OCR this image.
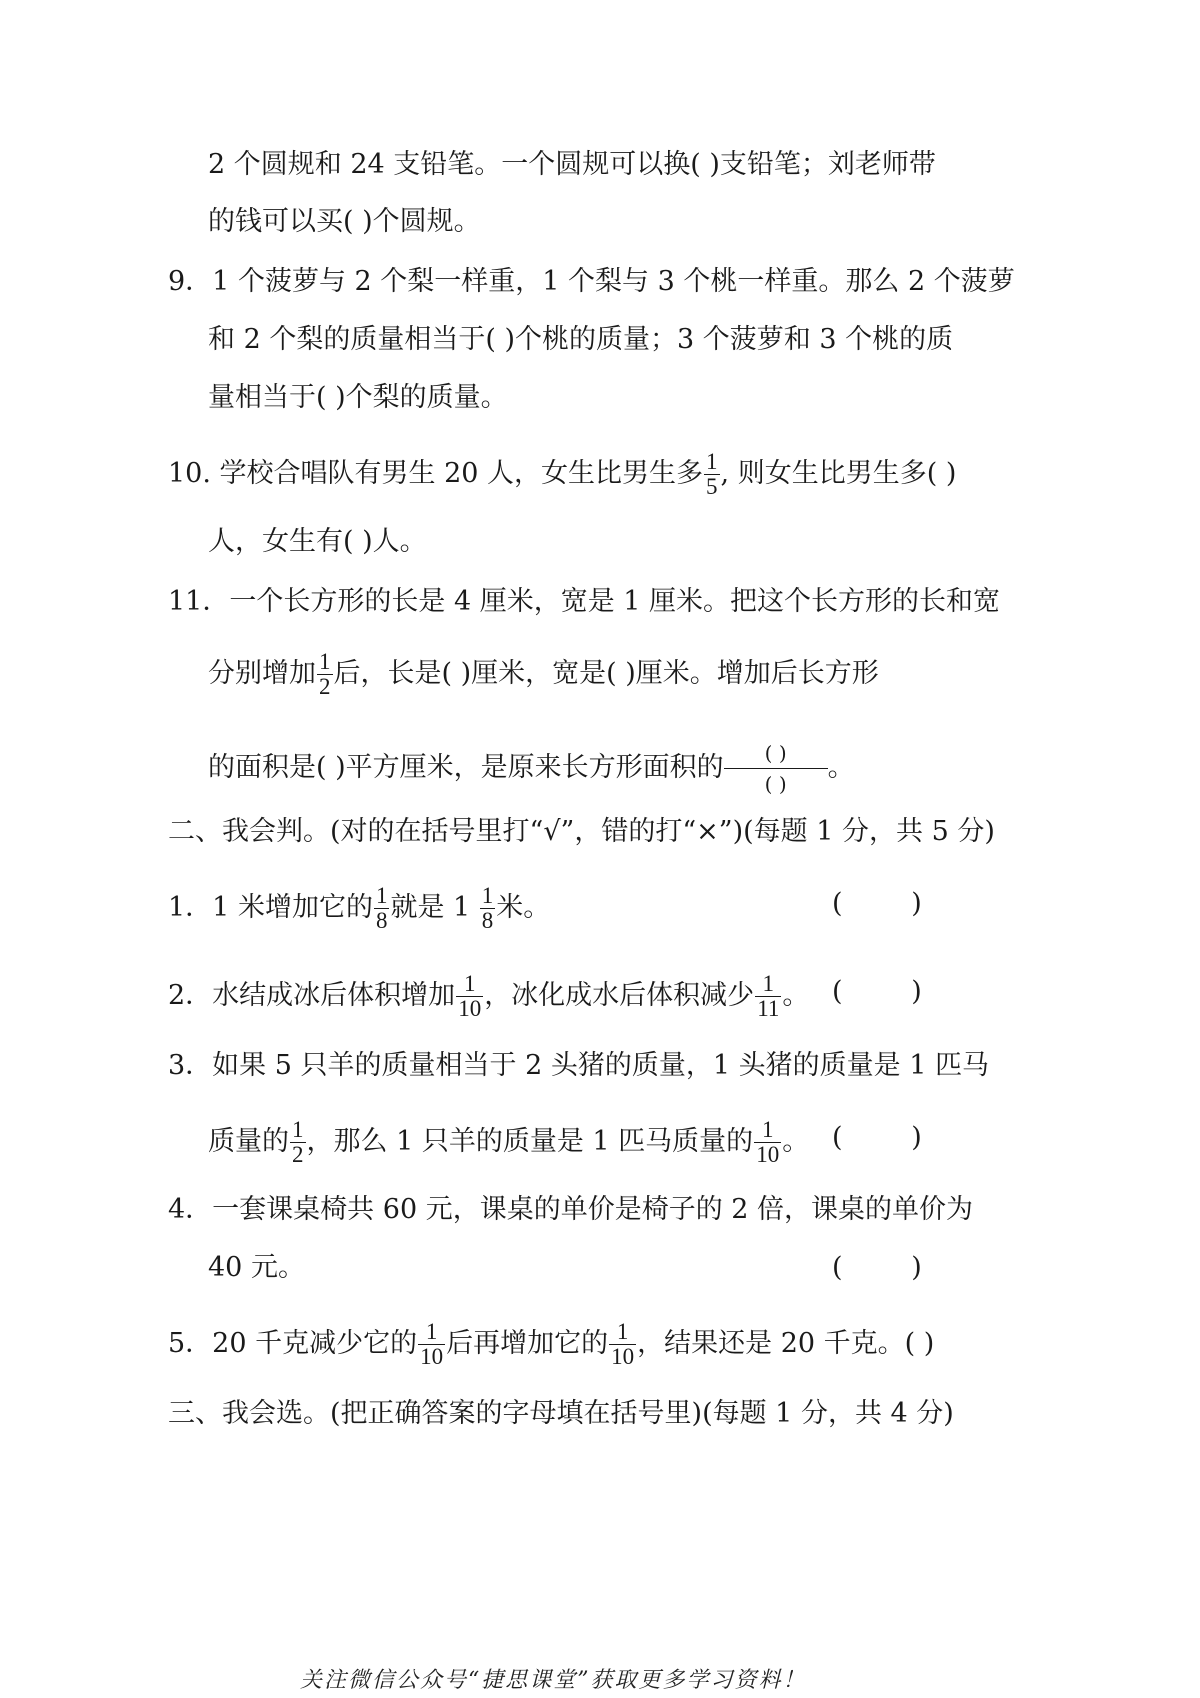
2 个圆规和 24 支铅笔。一个圆规可以换( )支铅笔；刘老师带
的钱可以买( )个圆规。
9．1 个菠萝与 2 个梨一样重，1 个梨与 3 个桃一样重。那么 2 个菠萝
和 2 个梨的质量相当于( )个桃的质量；3 个菠萝和 3 个桃的质
量相当于( )个梨的质量。
10. 学校合唱队有男生 20 人，女生比男生多 $\frac{1}{5}$ , 则女生比男生多( )
人，女生有( )人。
11．一个长方形的长是 4 厘米，宽是 1 厘米。把这个长方形的长和宽
分别增加 $\frac{1}{2}$ 后，长是( )厘米，宽是( )厘米。增加后长方形
的面积是( )平方厘米，是原来长方形面积的 $\frac{( )}{( )}$ 。
二、我会判。(对的在括号里打“√”，错的打“×”)(每题 1 分，共 5 分)
1．1 米增加它的 $\frac{1}{8}$ 就是 $1 \frac{1}{8}$ 米。	(        )
2．水结成冰后体积增加 $\frac{1}{10}$ ，冰化成水后体积减少 $\frac{1}{11}$ 。 (        )
3．如果 5 只羊的质量相当于 2 头猪的质量，1 头猪的质量是 1 匹马
质量的 $\frac{1}{2}$ ，那么 1 只羊的质量是 1 匹马质量的 $\frac{1}{10}$ 。 (        )
4．一套课桌椅共 60 元，课桌的单价是椅子的 2 倍，课桌的单价为
40 元。	(        )
5．20 千克减少它的 $\frac{1}{10}$ 后再增加它的 $\frac{1}{10}$ ，结果还是 20 千克。( )
三、我会选。(把正确答案的字母填在括号里)(每题 1 分，共 4 分)
关注微信公众号“捷思课堂”获取更多学习资料！
